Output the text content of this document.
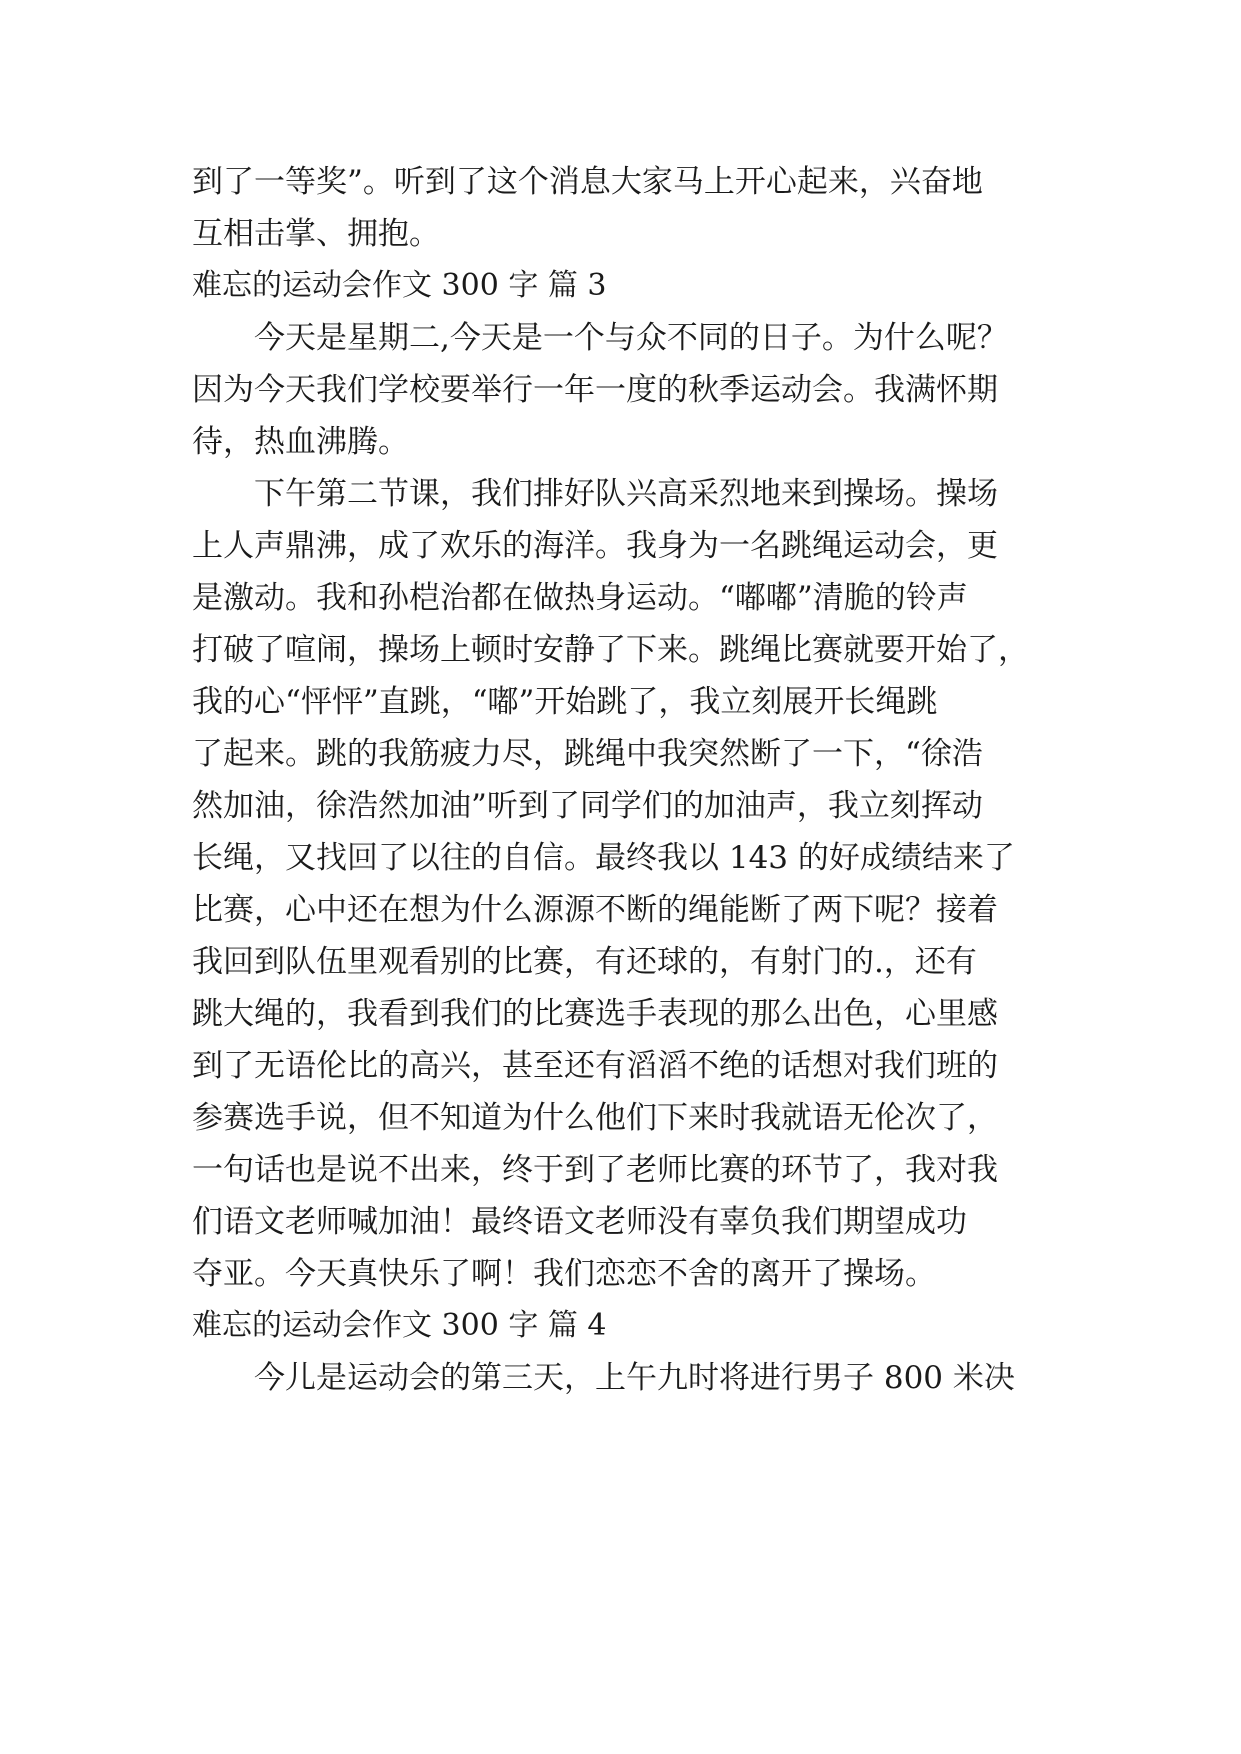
到了一等奖”。听到了这个消息大家马上开心起来，兴奋地
互相击掌、拥抱。
难忘的运动会作文 300 字 篇 3
今天是星期二,今天是一个与众不同的日子。为什么呢？
因为今天我们学校要举行一年一度的秋季运动会。我满怀期
待，热血沸腾。
下午第二节课，我们排好队兴高采烈地来到操场。操场
上人声鼎沸，成了欢乐的海洋。我身为一名跳绳运动会，更
是激动。我和孙桤治都在做热身运动。“嘟嘟”清脆的铃声
打破了喧闹，操场上顿时安静了下来。跳绳比赛就要开始了，
我的心“怦怦”直跳，“嘟”开始跳了，我立刻展开长绳跳
了起来。跳的我筋疲力尽，跳绳中我突然断了一下，“徐浩
然加油，徐浩然加油”听到了同学们的加油声，我立刻挥动
长绳，又找回了以往的自信。最终我以 143 的好成绩结来了
比赛，心中还在想为什么源源不断的绳能断了两下呢？接着
我回到队伍里观看别的比赛，有还球的，有射门的.，还有
跳大绳的，我看到我们的比赛选手表现的那么出色，心里感
到了无语伦比的高兴，甚至还有滔滔不绝的话想对我们班的
参赛选手说，但不知道为什么他们下来时我就语无伦次了，
一句话也是说不出来，终于到了老师比赛的环节了，我对我
们语文老师喊加油！最终语文老师没有辜负我们期望成功
夺亚。今天真快乐了啊！我们恋恋不舍的离开了操场。
难忘的运动会作文 300 字 篇 4
今儿是运动会的第三天，上午九时将进行男子 800 米决
